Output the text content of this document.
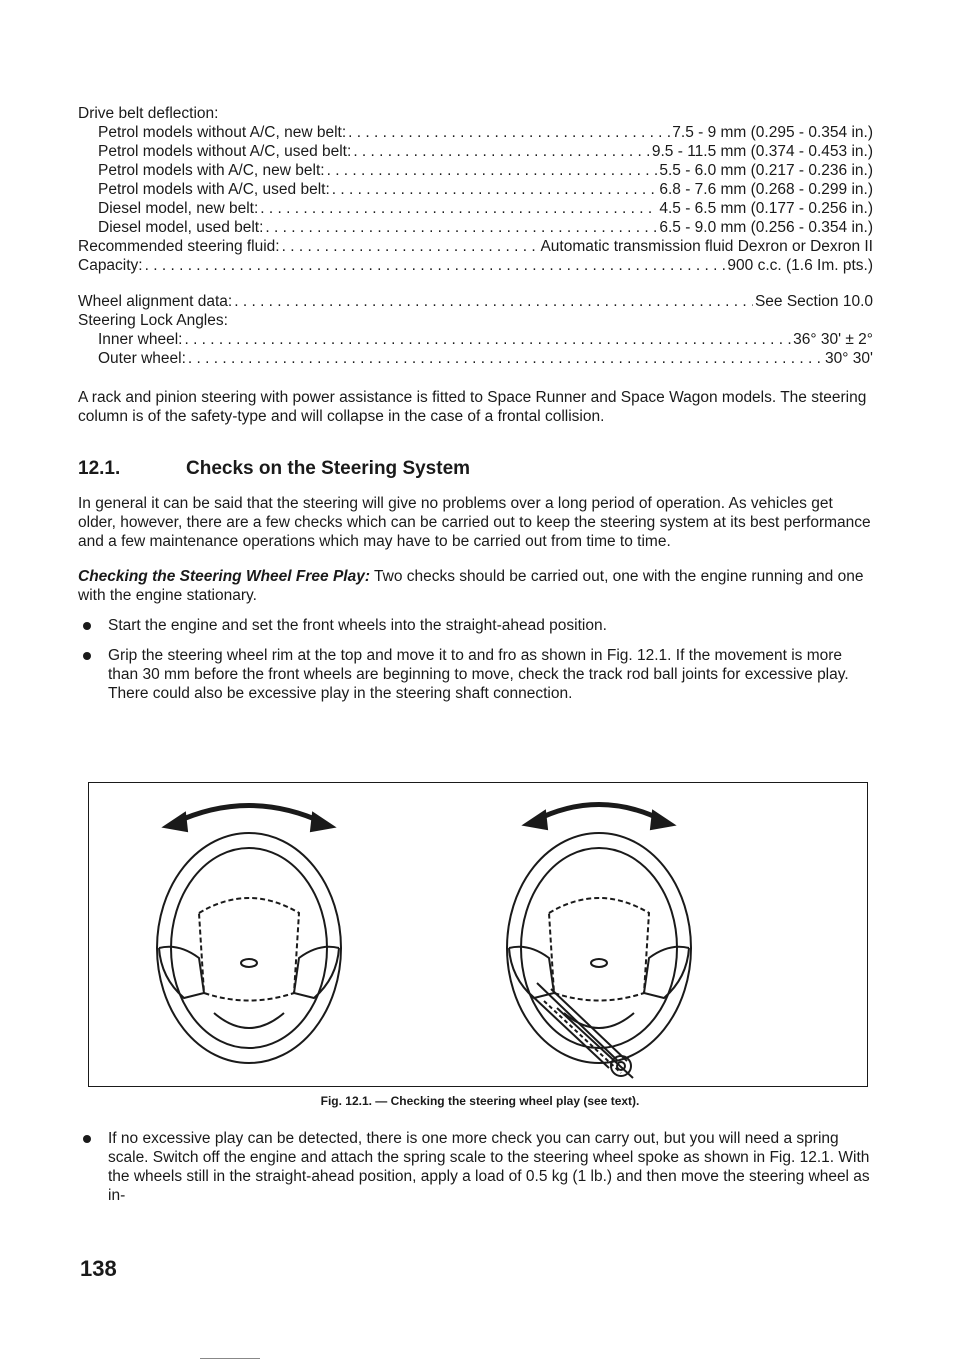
Drive belt deflection:
Petrol models without A/C, new belt: . . .	7.5 - 9 mm (0.295 - 0.354 in.)
Petrol models without A/C, used belt: . . .	9.5 - 11.5 mm (0.374 - 0.453 in.)
Petrol models with A/C, new belt: . . .	5.5 - 6.0 mm (0.217 - 0.236 in.)
Petrol models with A/C, used belt: . . .	6.8 - 7.6 mm (0.268 - 0.299 in.)
Diesel model, new belt: . . .	4.5 - 6.5 mm (0.177 - 0.256 in.)
Diesel model, used belt: . . .	6.5 - 9.0 mm (0.256 - 0.354 in.)
Recommended steering fluid: . . .	Automatic transmission fluid Dexron or Dexron II
Capacity: . . .	900 c.c. (1.6 Im. pts.)
Wheel alignment data: . . .	See Section 10.0
Steering Lock Angles:
Inner wheel: . . .	36° 30' ± 2°
Outer wheel: . . .	30° 30'

A rack and pinion steering with power assistance is fitted to Space Runner and Space Wagon models. The steering column is of the safety-type and will collapse in the case of a frontal collision.

12.1.	Checks on the Steering System

In general it can be said that the steering will give no problems over a long period of operation. As vehicles get older, however, there are a few checks which can be carried out to keep the steering system at its best performance and a few maintenance operations which may have to be carried out from time to time.

Checking the Steering Wheel Free Play: Two checks should be carried out, one with the engine running and one with the engine stationary.

Start the engine and set the front wheels into the straight-ahead position.
Grip the steering wheel rim at the top and move it to and fro as shown in Fig. 12.1. If the movement is more than 30 mm before the front wheels are beginning to move, check the track rod ball joints for excessive play. There could also be excessive play in the steering shaft connection.
Fig. 12.1. — Checking the steering wheel play (see text).
If no excessive play can be detected, there is one more check you can carry out, but you will need a spring scale. Switch off the engine and attach the spring scale to the steering wheel spoke as shown in Fig. 12.1. With the wheels still in the straight-ahead position, apply a load of 0.5 kg (1 lb.) and then move the steering wheel as in-
138
